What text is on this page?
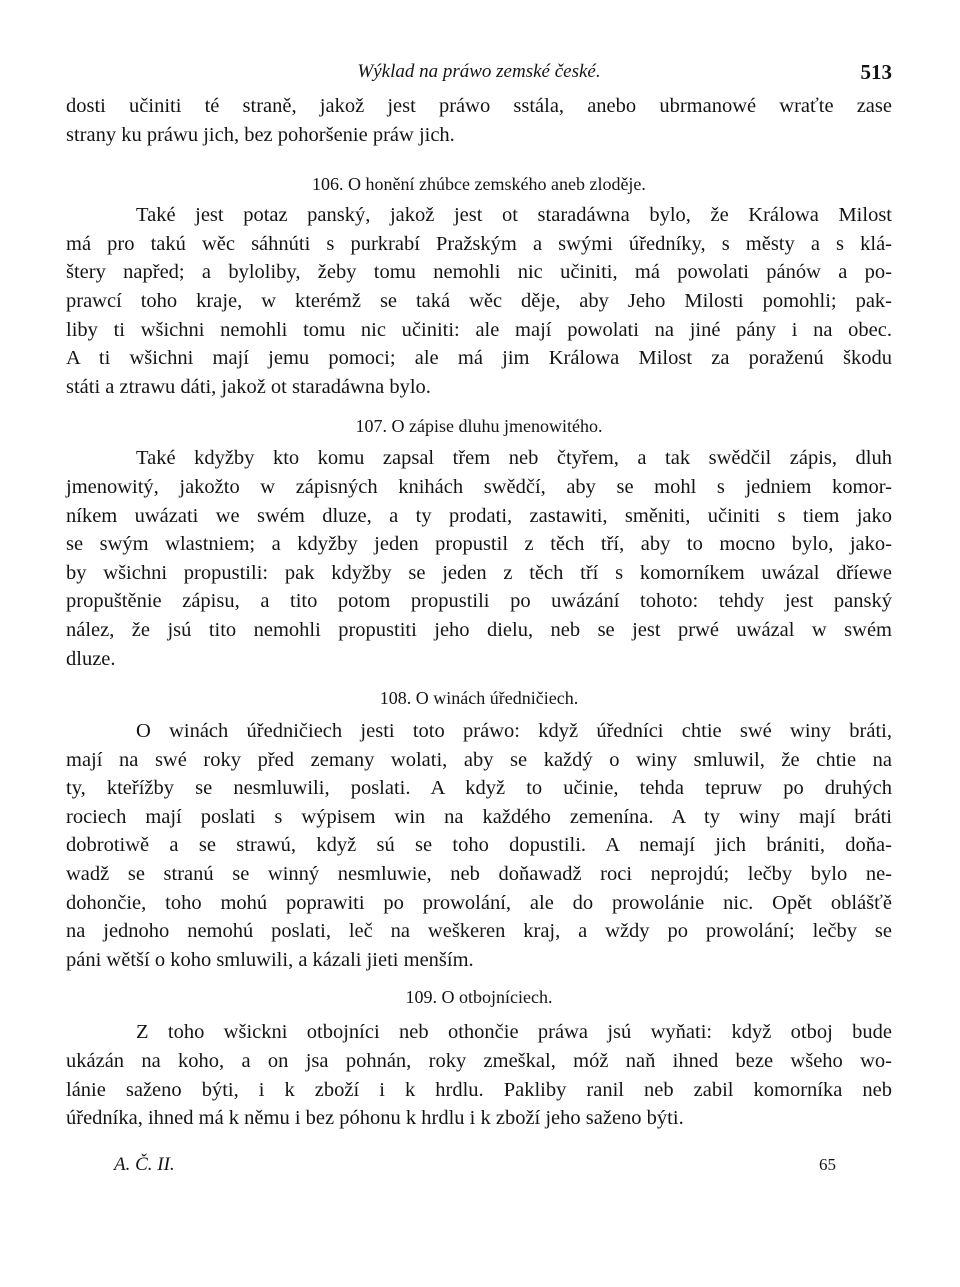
Wýklad na práwo zemské české.	513
dosti učiniti té straně, jakož jest práwo sstála, anebo ubrmanowé wraťte zase
strany ku práwu jich, bez pohoršenie práw jich.
106. O honění zhúbce zemského aneb zloděje.
Také jest potaz panský, jakož jest ot staradáwna bylo, že Králowa Milost
má pro takú wěc sáhnúti s purkrabí Pražským a swými úředníky, s městy a s klá-
štery napřed; a byloliby, žeby tomu nemohli nic učiniti, má powolati pánów a po-
prawcí toho kraje, w kterémž se taká wěc děje, aby Jeho Milosti pomohli; pak-
liby ti wšichni nemohli tomu nic učiniti: ale mají powolati na jiné pány i na obec.
A ti wšichni mají jemu pomoci; ale má jim Králowa Milost za poraženú škodu
státi a ztrawu dáti, jakož ot staradáwna bylo.
107. O zápise dluhu jmenowitého.
Také kdyžby kto komu zapsal třem neb čtyřem, a tak swědčil zápis, dluh
jmenowitý, jakožto w zápisných knihách swědčí, aby se mohl s jedniem komor-
níkem uwázati we swém dluze, a ty prodati, zastawiti, směniti, učiniti s tiem jako
se swým wlastniem; a kdyžby jeden propustil z těch tří, aby to mocno bylo, jako-
by wšichni propustili: pak kdyžby se jeden z těch tří s komorníkem uwázal dříewe
propuštěnie zápisu, a tito potom propustili po uwázání tohoto: tehdy jest panský
nález, že jsú tito nemohli propustiti jeho dielu, neb se jest prwé uwázal w swém
dluze.
108. O winách úředničiech.
O winách úředničiech jesti toto práwo: když úředníci chtie swé winy bráti,
mají na swé roky před zemany wolati, aby se každý o winy smluwil, že chtie na
ty, kteřížby se nesmluwili, poslati. A když to učinie, tehda tepruw po druhých
rociech mají poslati s wýpisem win na každého zemenína. A ty winy mají bráti
dobrotiwě a se strawú, když sú se toho dopustili. A nemají jich brániti, doňa-
wadž se stranú se winný nesmluwie, neb doňawadž roci neprojdú; lečby bylo ne-
dohončie, toho mohú poprawiti po prowolání, ale do prowolánie nic. Opět oblášťě
na jednoho nemohú poslati, leč na weškeren kraj, a wždy po prowolání; lečby se
páni wětší o koho smluwili, a kázali jieti menším.
109. O otbojníciech.
Z toho wšickni otbojníci neb othončie práwa jsú wyňati: když otboj bude
ukázán na koho, a on jsa pohnán, roky zmeškal, móž naň ihned beze wšeho wo-
lánie saženo býti, i k zboží i k hrdlu. Pakliby ranil neb zabil komorníka neb
úředníka, ihned má k němu i bez póhonu k hrdlu i k zboží jeho saženo býti.
A. Č. II.	65
